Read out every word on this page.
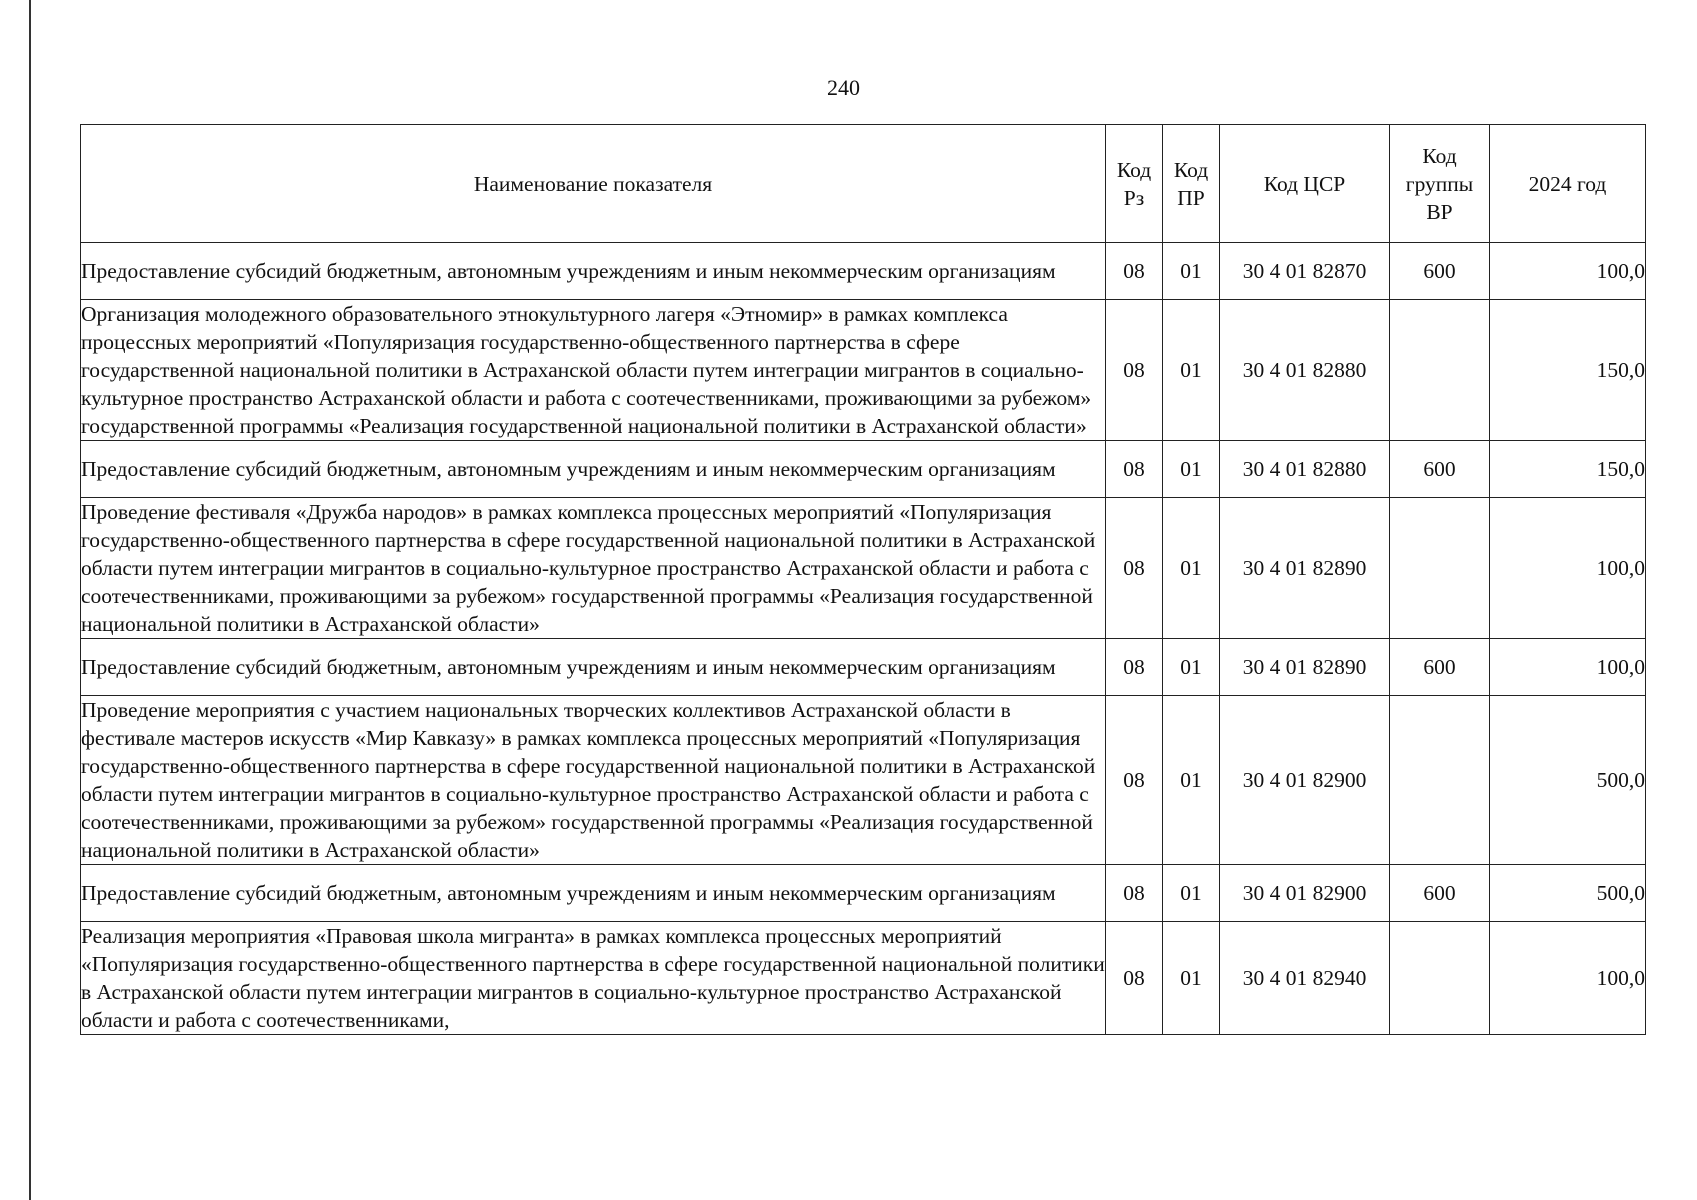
240
Наименование показателя	Код Рз	Код ПР	Код ЦСР	Код группы ВР	2024 год
Предоставление субсидий бюджетным, автономным учреждениям и иным некоммерческим организациям	08	01	30 4 01 82870	600	100,0
Организация молодежного образовательного этнокультурного лагеря «Этномир» в рамках комплекса процессных мероприятий «Популяризация государственно-общественного партнерства в сфере государственной национальной политики в Астраханской области путем интеграции мигрантов в социально-культурное пространство Астраханской области и работа с соотечественниками, проживающими за рубежом» государственной программы «Реализация государственной национальной политики в Астраханской области»	08	01	30 4 01 82880		150,0
Предоставление субсидий бюджетным, автономным учреждениям и иным некоммерческим организациям	08	01	30 4 01 82880	600	150,0
Проведение фестиваля «Дружба народов» в рамках комплекса процессных мероприятий «Популяризация государственно-общественного партнерства в сфере государственной национальной политики в Астраханской области путем интеграции мигрантов в социально-культурное пространство Астраханской области и работа с соотечественниками, проживающими за рубежом» государственной программы «Реализация государственной национальной политики в Астраханской области»	08	01	30 4 01 82890		100,0
Предоставление субсидий бюджетным, автономным учреждениям и иным некоммерческим организациям	08	01	30 4 01 82890	600	100,0
Проведение мероприятия с участием национальных творческих коллективов Астраханской области в фестивале мастеров искусств «Мир Кавказу» в рамках комплекса процессных мероприятий «Популяризация государственно-общественного партнерства в сфере государственной национальной политики в Астраханской области путем интеграции мигрантов в социально-культурное пространство Астраханской области и работа с соотечественниками, проживающими за рубежом» государственной программы «Реализация государственной национальной политики в Астраханской области»	08	01	30 4 01 82900		500,0
Предоставление субсидий бюджетным, автономным учреждениям и иным некоммерческим организациям	08	01	30 4 01 82900	600	500,0
Реализация мероприятия «Правовая школа мигранта» в рамках комплекса процессных мероприятий «Популяризация государственно-общественного партнерства в сфере государственной национальной политики в Астраханской области путем интеграции мигрантов в социально-культурное пространство Астраханской области и работа с соотечественниками,	08	01	30 4 01 82940		100,0
